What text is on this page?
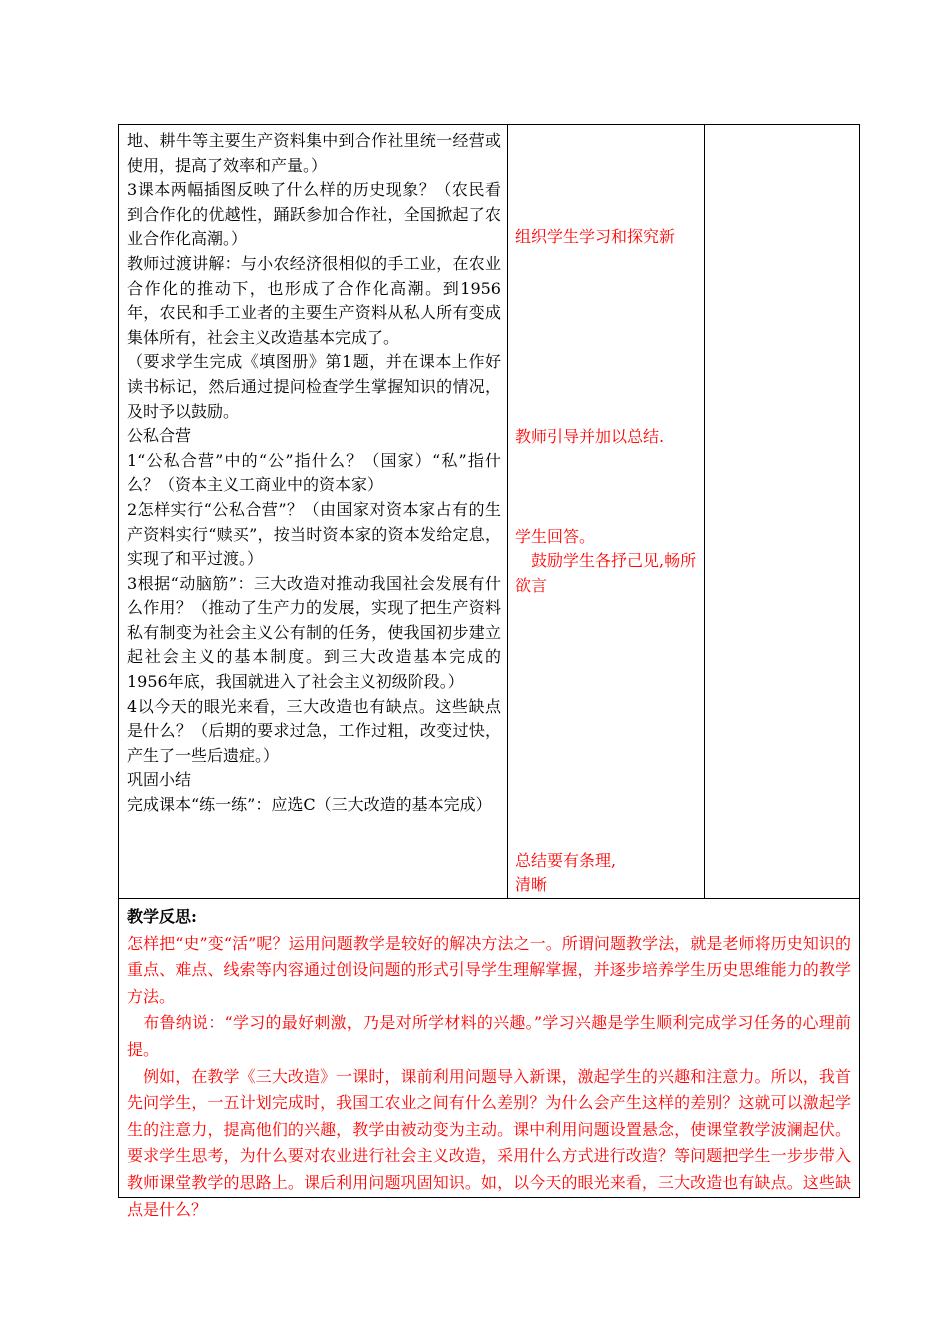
地、耕牛等主要生产资料集中到合作社里统一经营或使用，提高了效率和产量。）

3课本两幅插图反映了什么样的历史现象？（农民看到合作化的优越性，踊跃参加合作社，全国掀起了农业合作化高潮。）

教师过渡讲解：与小农经济很相似的手工业，在农业合作化的推动下，也形成了合作化高潮。到1956年，农民和手工业者的主要生产资料从私人所有变成集体所有，社会主义改造基本完成了。

（要求学生完成《填图册》第1题，并在课本上作好读书标记，然后通过提问检查学生掌握知识的情况，及时予以鼓励。

公私合营

1“公私合营”中的“公”指什么？（国家）“私”指什么？（资本主义工商业中的资本家）

2怎样实行“公私合营”？（由国家对资本家占有的生产资料实行“赎买”，按当时资本家的资本发给定息，实现了和平过渡。）

3根据“动脑筋”：三大改造对推动我国社会发展有什么作用？（推动了生产力的发展，实现了把生产资料私有制变为社会主义公有制的任务，使我国初步建立起社会主义的基本制度。到三大改造基本完成的1956年底，我国就进入了社会主义初级阶段。）

4以今天的眼光来看，三大改造也有缺点。这些缺点是什么？（后期的要求过急，工作过粗，改变过快，产生了一些后遗症。）

巩固小结

完成课本“练一练”：应选C（三大改造的基本完成）

组织学生学习和探究新

教师引导并加以总结.

学生回答。

　鼓励学生各抒己见,畅所欲言

总结要有条理,

清晰

教学反思:

怎样把“史”变“活”呢？运用问题教学是较好的解决方法之一。所谓问题教学法，就是老师将历史知识的重点、难点、线索等内容通过创设问题的形式引导学生理解掌握，并逐步培养学生历史思维能力的教学方法。

　布鲁纳说：“学习的最好刺激，乃是对所学材料的兴趣。”学习兴趣是学生顺利完成学习任务的心理前提。

　例如，在教学《三大改造》一课时，课前利用问题导入新课，激起学生的兴趣和注意力。所以，我首先问学生，一五计划完成时，我国工农业之间有什么差别？为什么会产生这样的差别？这就可以激起学生的注意力，提高他们的兴趣，教学由被动变为主动。课中利用问题设置悬念，使课堂教学波澜起伏。要求学生思考，为什么要对农业进行社会主义改造，采用什么方式进行改造？等问题把学生一步步带入教师课堂教学的思路上。课后利用问题巩固知识。如，以今天的眼光来看，三大改造也有缺点。这些缺点是什么？
